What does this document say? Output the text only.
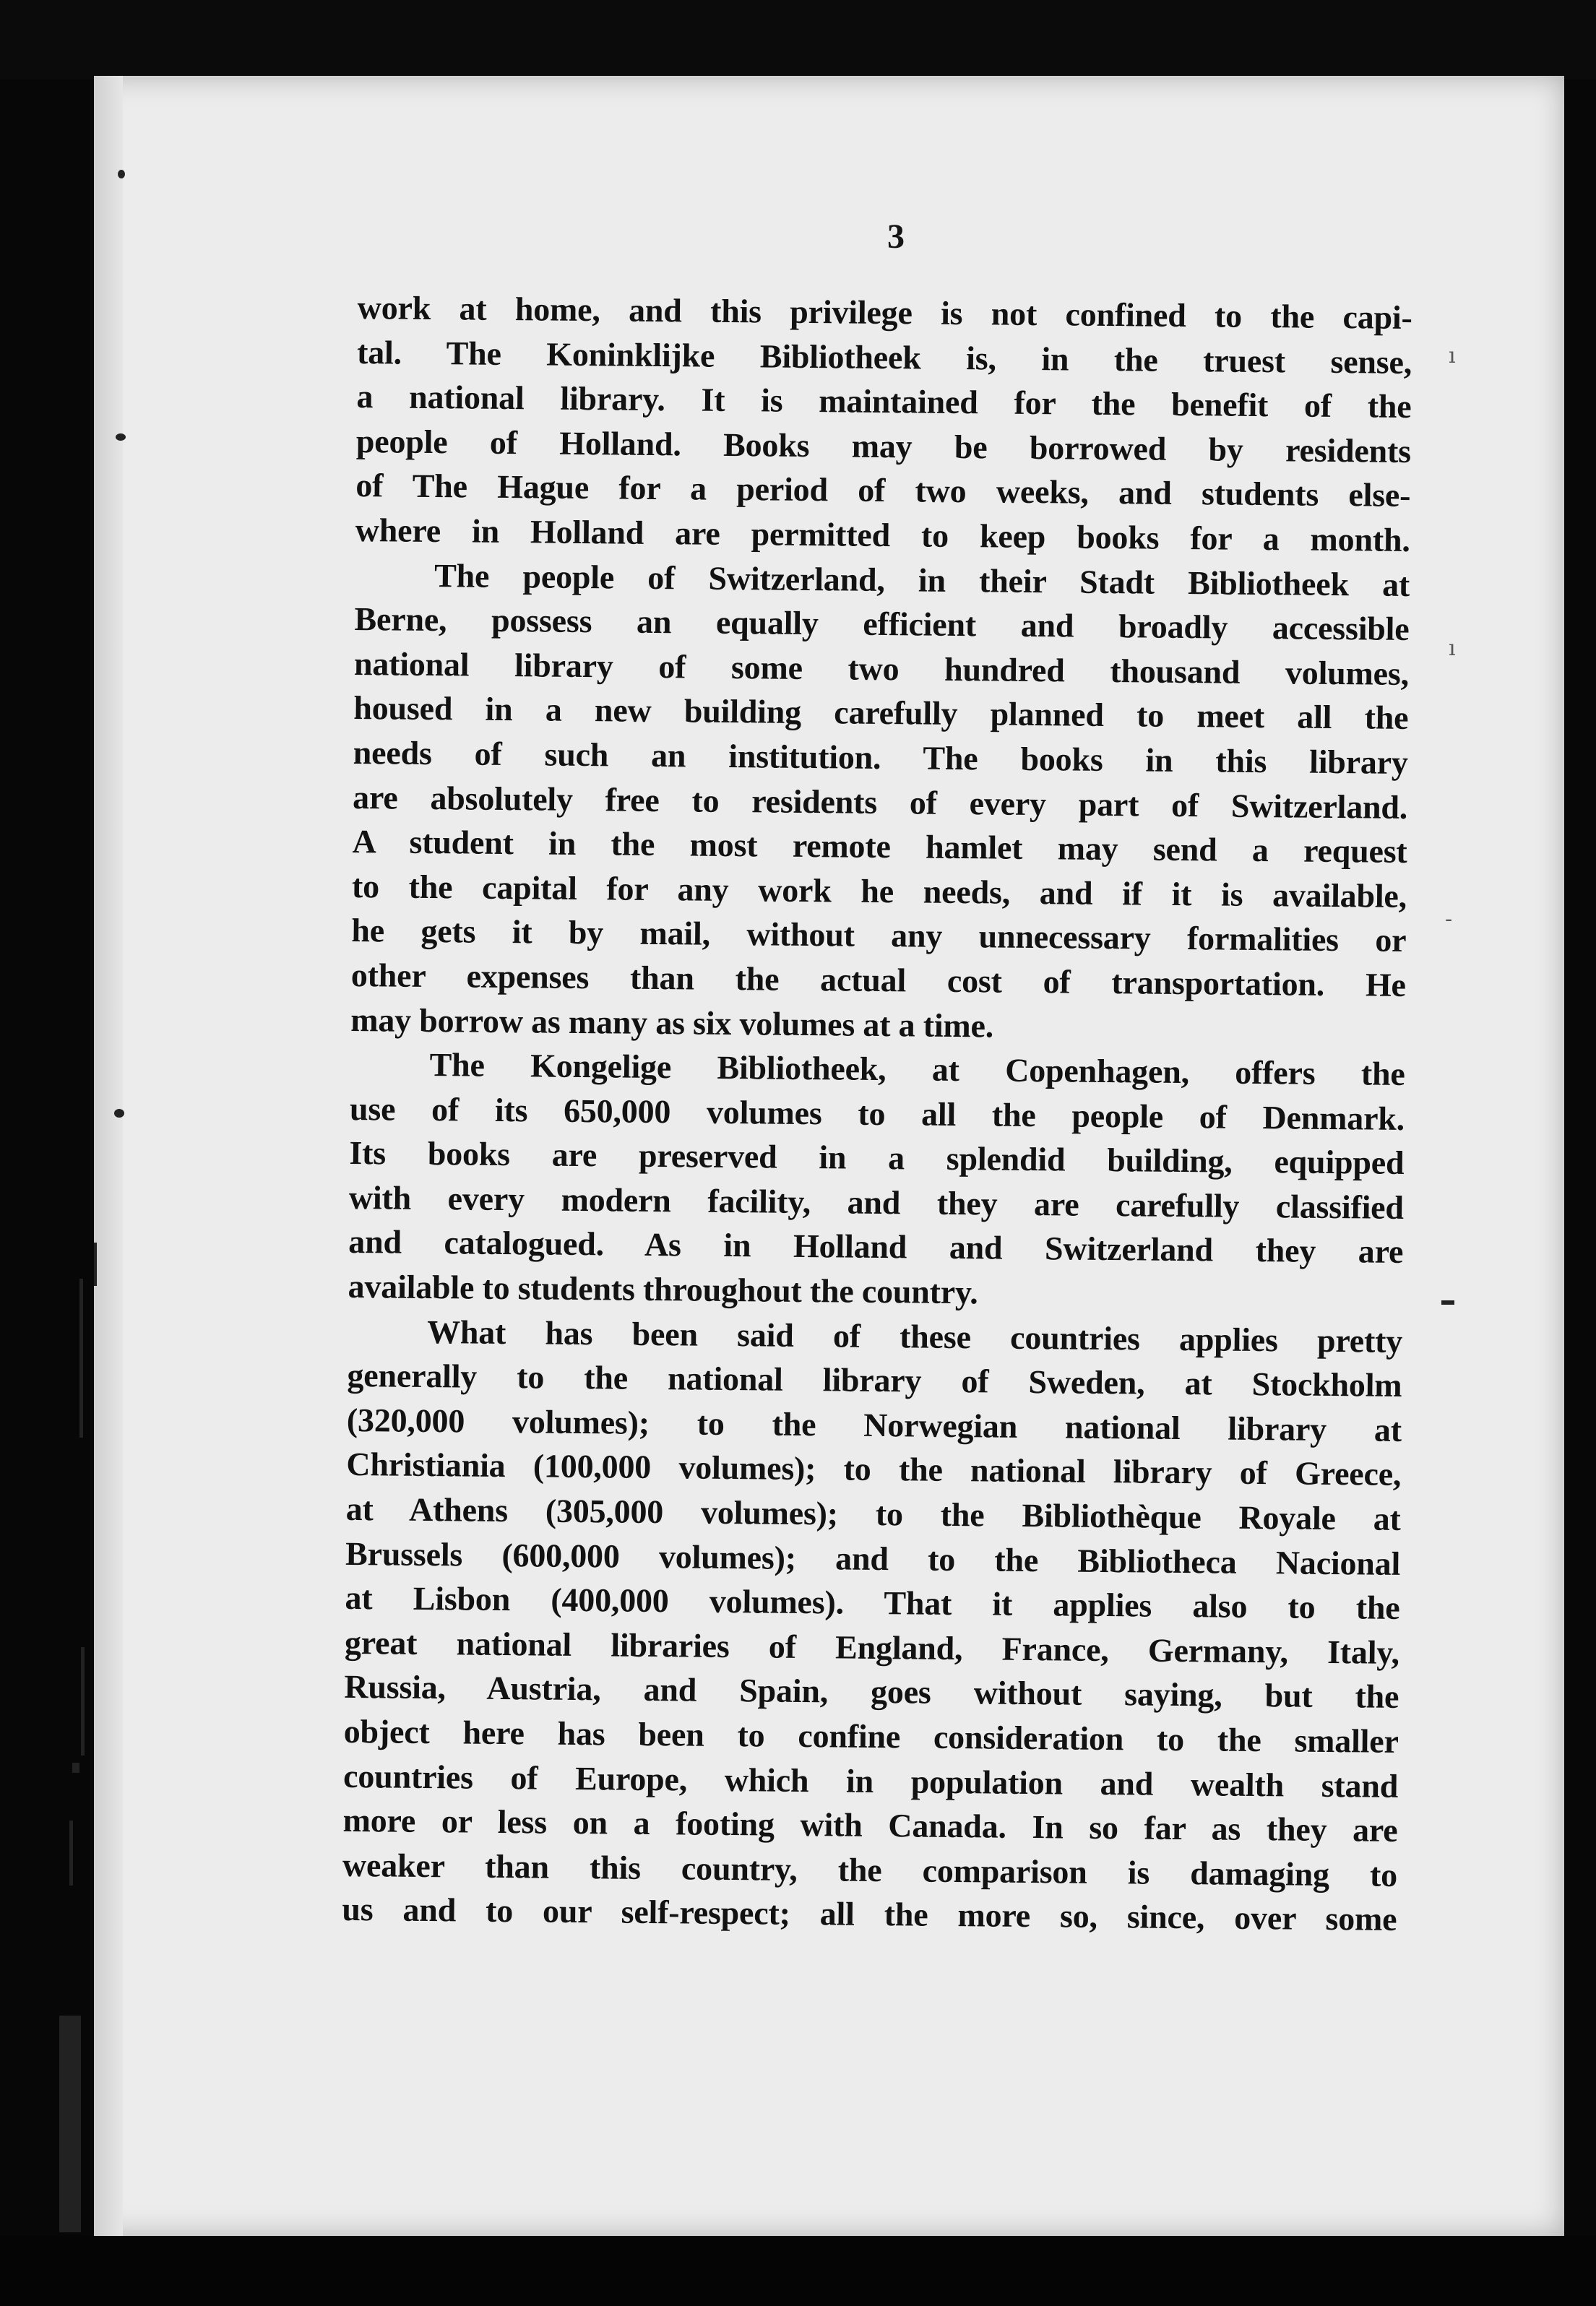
ı
ı
-
3
work at home, and this privilege is not confined to the capi-
tal. The Koninklijke Bibliotheek is, in the truest sense,
a national library. It is maintained for the benefit of the
people of Holland. Books may be borrowed by residents
of The Hague for a period of two weeks, and students else-
where in Holland are permitted to keep books for a month.
The people of Switzerland, in their Stadt Bibliotheek at
Berne, possess an equally efficient and broadly accessible
national library of some two hundred thousand volumes,
housed in a new building carefully planned to meet all the
needs of such an institution. The books in this library
are absolutely free to residents of every part of Switzerland.
A student in the most remote hamlet may send a request
to the capital for any work he needs, and if it is available,
he gets it by mail, without any unnecessary formalities or
other expenses than the actual cost of transportation. He
may borrow as many as six volumes at a time.
The Kongelige Bibliotheek, at Copenhagen, offers the
use of its 650,000 volumes to all the people of Denmark.
Its books are preserved in a splendid building, equipped
with every modern facility, and they are carefully classified
and catalogued. As in Holland and Switzerland they are
available to students throughout the country.
What has been said of these countries applies pretty
generally to the national library of Sweden, at Stockholm
(320,000 volumes); to the Norwegian national library at
Christiania (100,000 volumes); to the national library of Greece,
at Athens (305,000 volumes); to the Bibliothèque Royale at
Brussels (600,000 volumes); and to the Bibliotheca Nacional
at Lisbon (400,000 volumes). That it applies also to the
great national libraries of England, France, Germany, Italy,
Russia, Austria, and Spain, goes without saying, but the
object here has been to confine consideration to the smaller
countries of Europe, which in population and wealth stand
more or less on a footing with Canada. In so far as they are
weaker than this country, the comparison is damaging to
us and to our self-respect; all the more so, since, over some
